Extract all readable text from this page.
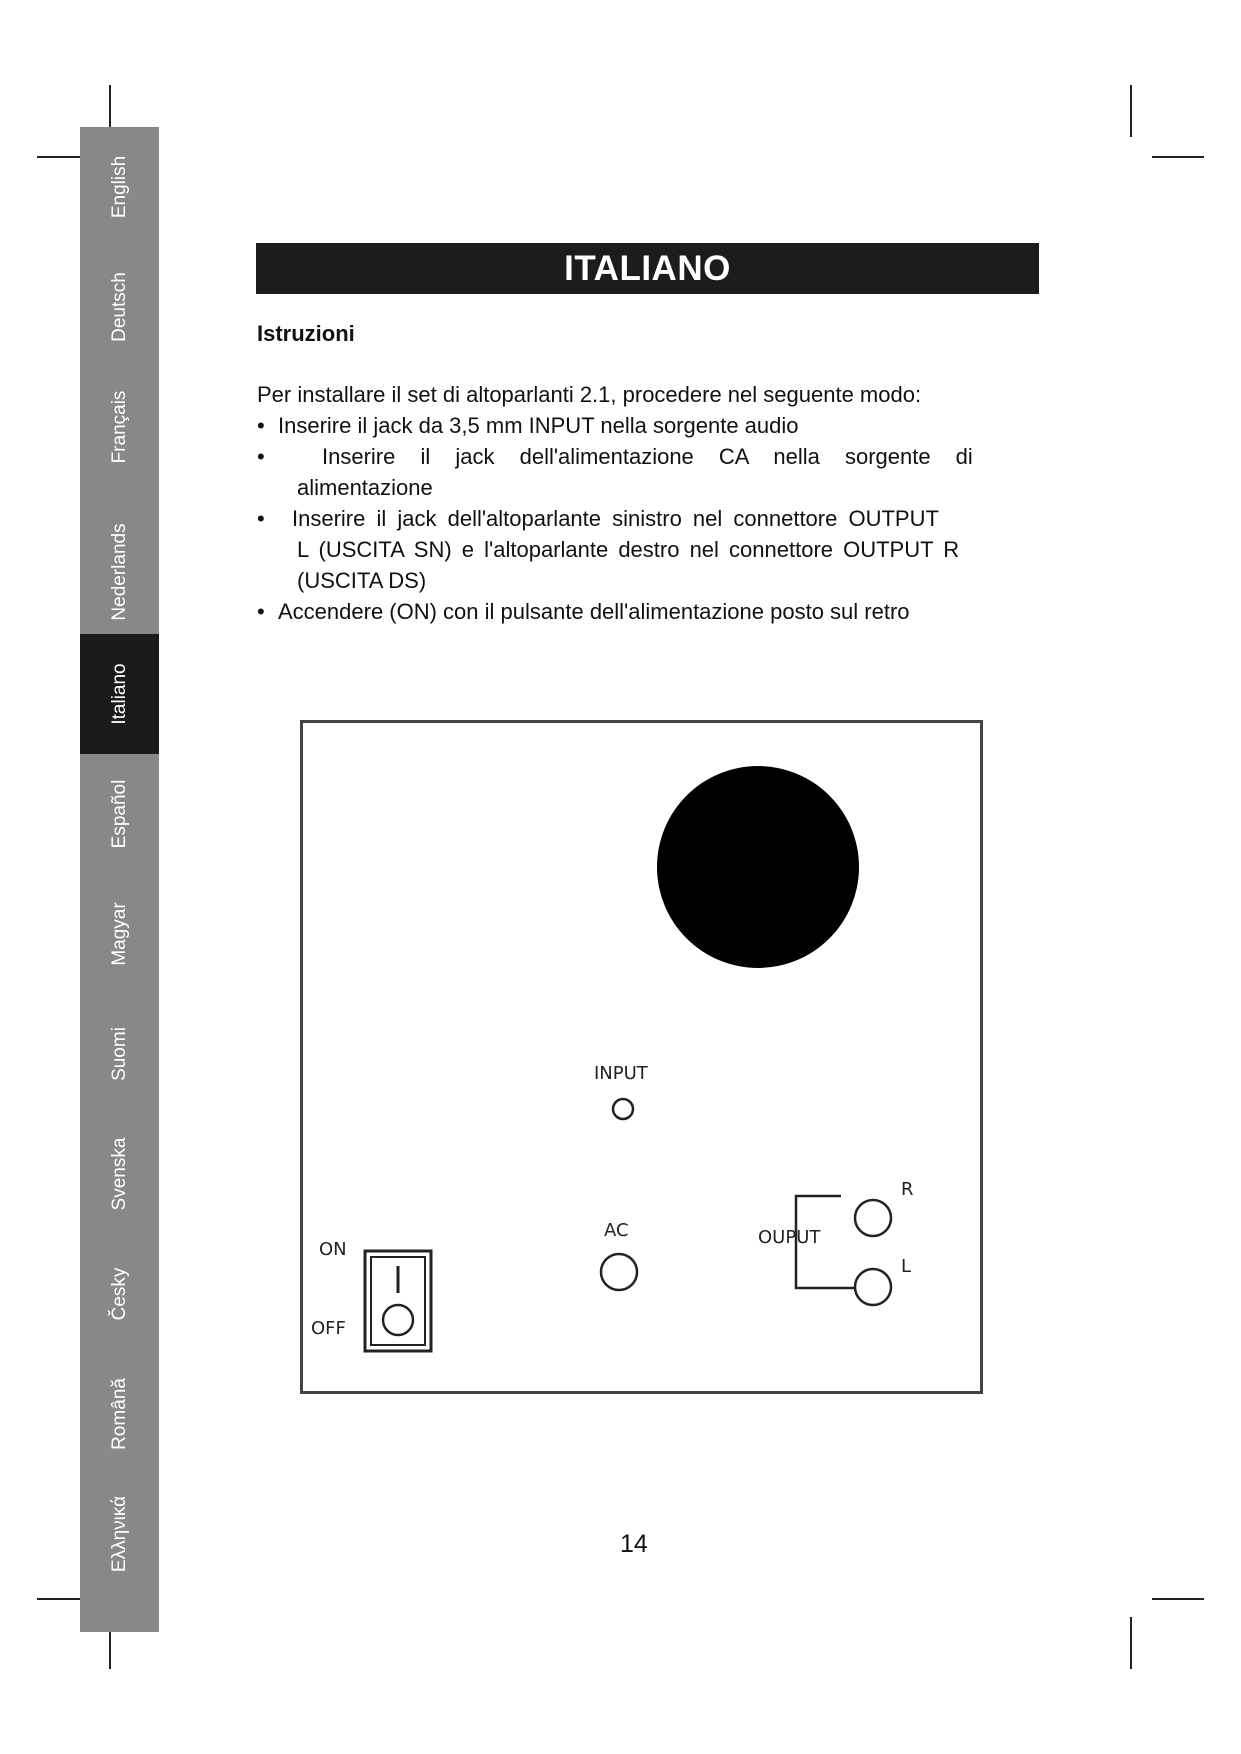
English
Deutsch
Français
Nederlands
Italiano
Español
Magyar
Suomi
Svenska
Česky
Română
Ελληνικά
ITALIANO
Istruzioni
Per installare il set di altoparlanti 2.1, procedere nel seguente modo:
• Inserire il jack da 3,5 mm INPUT nella sorgente audio
•	Inserire il jack dell'alimentazione CA nella sorgente di
alimentazione
• Inserire il jack dell'altoparlante sinistro nel connettore OUTPUT
L (USCITA SN) e l'altoparlante destro nel connettore OUTPUT R
(USCITA DS)
• Accendere (ON) con il pulsante dell'alimentazione posto sul retro
INPUT
AC	OUPUT
R
L
ON
OFF
14
